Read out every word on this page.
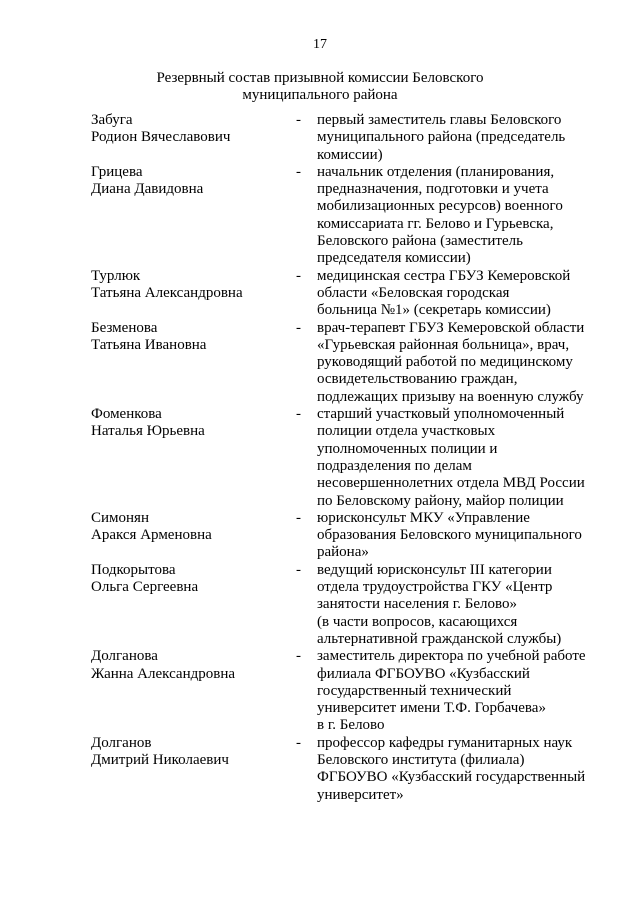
17
Резервный состав призывной комиссии Беловского
муниципального района
Забуга
Родион Вячеславович
-	первый заместитель главы Беловского
муниципального района (председатель
комиссии)
Грицева
Диана Давидовна
-	начальник отделения (планирования,
предназначения, подготовки и учета
мобилизационных ресурсов) военного
комиссариата гг. Белово и Гурьевска,
Беловского района (заместитель
председателя комиссии)
Турлюк
Татьяна Александровна
-	медицинская сестра ГБУЗ Кемеровской
области «Беловская городская
больница №1» (секретарь комиссии)
Безменова
Татьяна Ивановна
-	врач-терапевт ГБУЗ Кемеровской области
«Гурьевская районная больница», врач,
руководящий работой по медицинскому
освидетельствованию граждан,
подлежащих призыву на военную службу
Фоменкова
Наталья Юрьевна
-	старший участковый уполномоченный
полиции отдела участковых
уполномоченных полиции и
подразделения по делам
несовершеннолетних отдела МВД России
по Беловскому району, майор полиции
Симонян
Аракся Арменовна
-	юрисконсульт МКУ «Управление
образования Беловского муниципального
района»
Подкорытова
Ольга Сергеевна
-	ведущий юрисконсульт III категории
отдела трудоустройства ГКУ «Центр
занятости населения г. Белово»
(в части вопросов, касающихся
альтернативной гражданской службы)
Долганова
Жанна Александровна
-	заместитель директора по учебной работе
филиала ФГБОУВО «Кузбасский
государственный технический
университет имени Т.Ф. Горбачева»
в г. Белово
Долганов
Дмитрий Николаевич
-	профессор кафедры гуманитарных наук
Беловского института (филиала)
ФГБОУВО «Кузбасский государственный
университет»
